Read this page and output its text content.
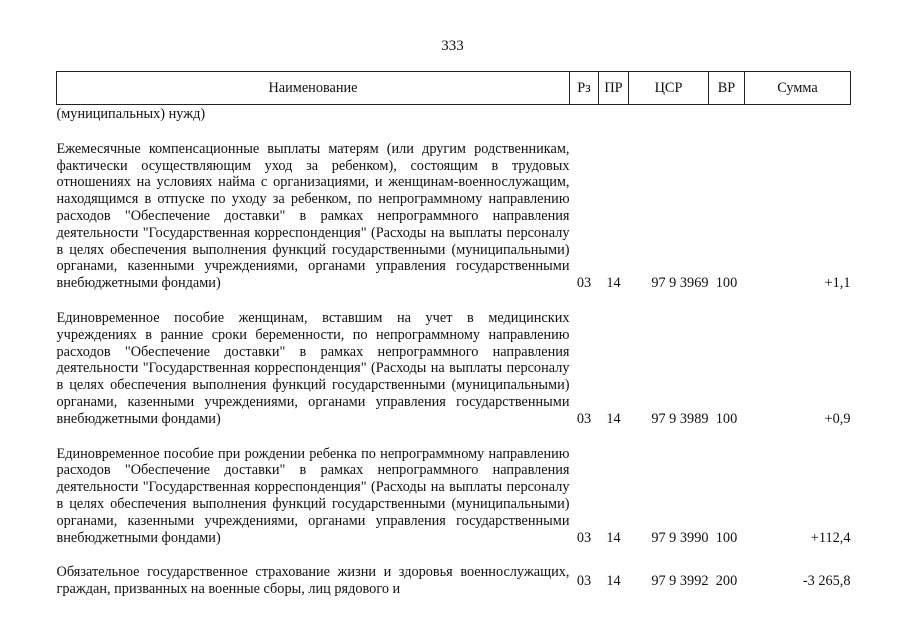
333
Наименование	Рз	ПР	ЦСР	ВР	Сумма
(муниципальных) нужд)					

Ежемесячные компенсационные выплаты матерям (или другим родственникам, фактически осуществляющим уход за ребенком), состоящим в трудовых отношениях на условиях найма с организациями, и женщинам-военнослужащим, находящимся в отпуске по уходу за ребенком, по непрограммному направлению расходов "Обеспечение доставки" в рамках непрограммного направления деятельности "Государственная корреспонденция" (Расходы на выплаты персоналу в целях обеспечения выполнения функций государственными (муниципальными) органами, казенными учреждениями, органами управления государственными внебюджетными фондами)	03	14	97 9 3969	100	+1,1

Единовременное пособие женщинам, вставшим на учет в медицинских учреждениях в ранние сроки беременности, по непрограммному направлению расходов "Обеспечение доставки" в рамках непрограммного направления деятельности "Государственная корреспонденция" (Расходы на выплаты персоналу в целях обеспечения выполнения функций государственными (муниципальными) органами, казенными учреждениями, органами управления государственными внебюджетными фондами)	03	14	97 9 3989	100	+0,9

Единовременное пособие при рождении ребенка по непрограммному направлению расходов "Обеспечение доставки" в рамках непрограммного направления деятельности "Государственная корреспонденция" (Расходы на выплаты персоналу в целях обеспечения выполнения функций государственными (муниципальными) органами, казенными учреждениями, органами управления государственными внебюджетными фондами)	03	14	97 9 3990	100	+112,4

Обязательное государственное страхование жизни и здоровья военнослужащих, граждан, призванных на военные сборы, лиц рядового и	03	14	97 9 3992	200	-3 265,8
